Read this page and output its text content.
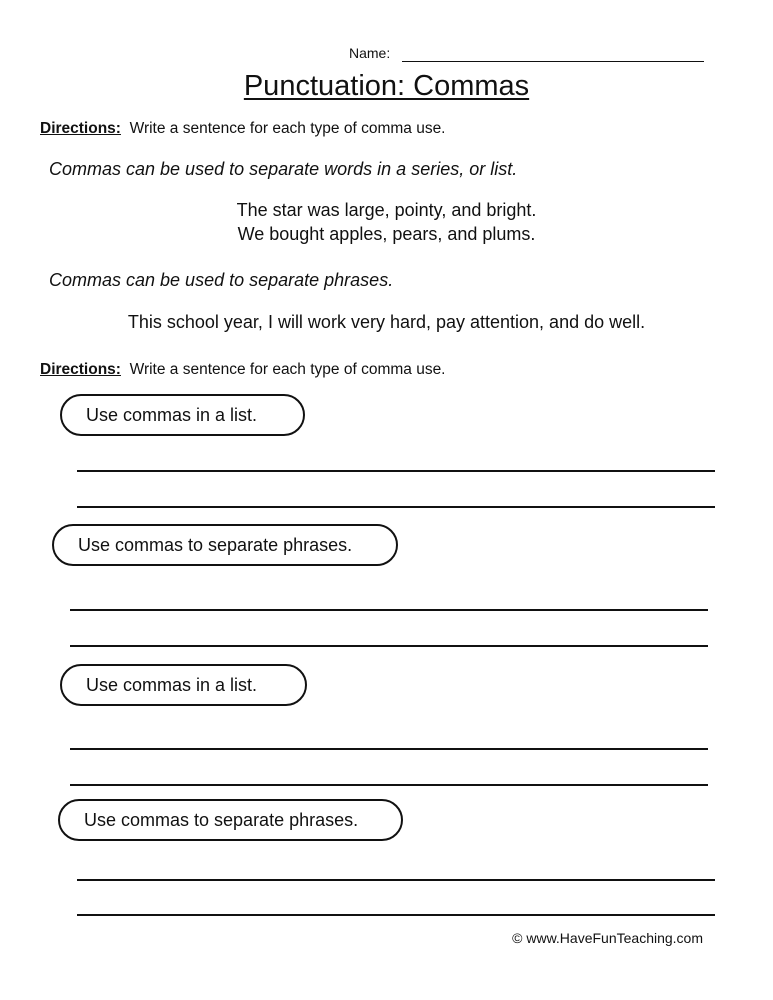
Name:
Punctuation: Commas
Directions: Write a sentence for each type of comma use.
Commas can be used to separate words in a series, or list.
The star was large, pointy, and bright.
We bought apples, pears, and plums.
Commas can be used to separate phrases.
This school year, I will work very hard, pay attention, and do well.
Directions: Write a sentence for each type of comma use.
Use commas in a list.
Use commas to separate phrases.
Use commas in a list.
Use commas to separate phrases.
© www.HaveFunTeaching.com
